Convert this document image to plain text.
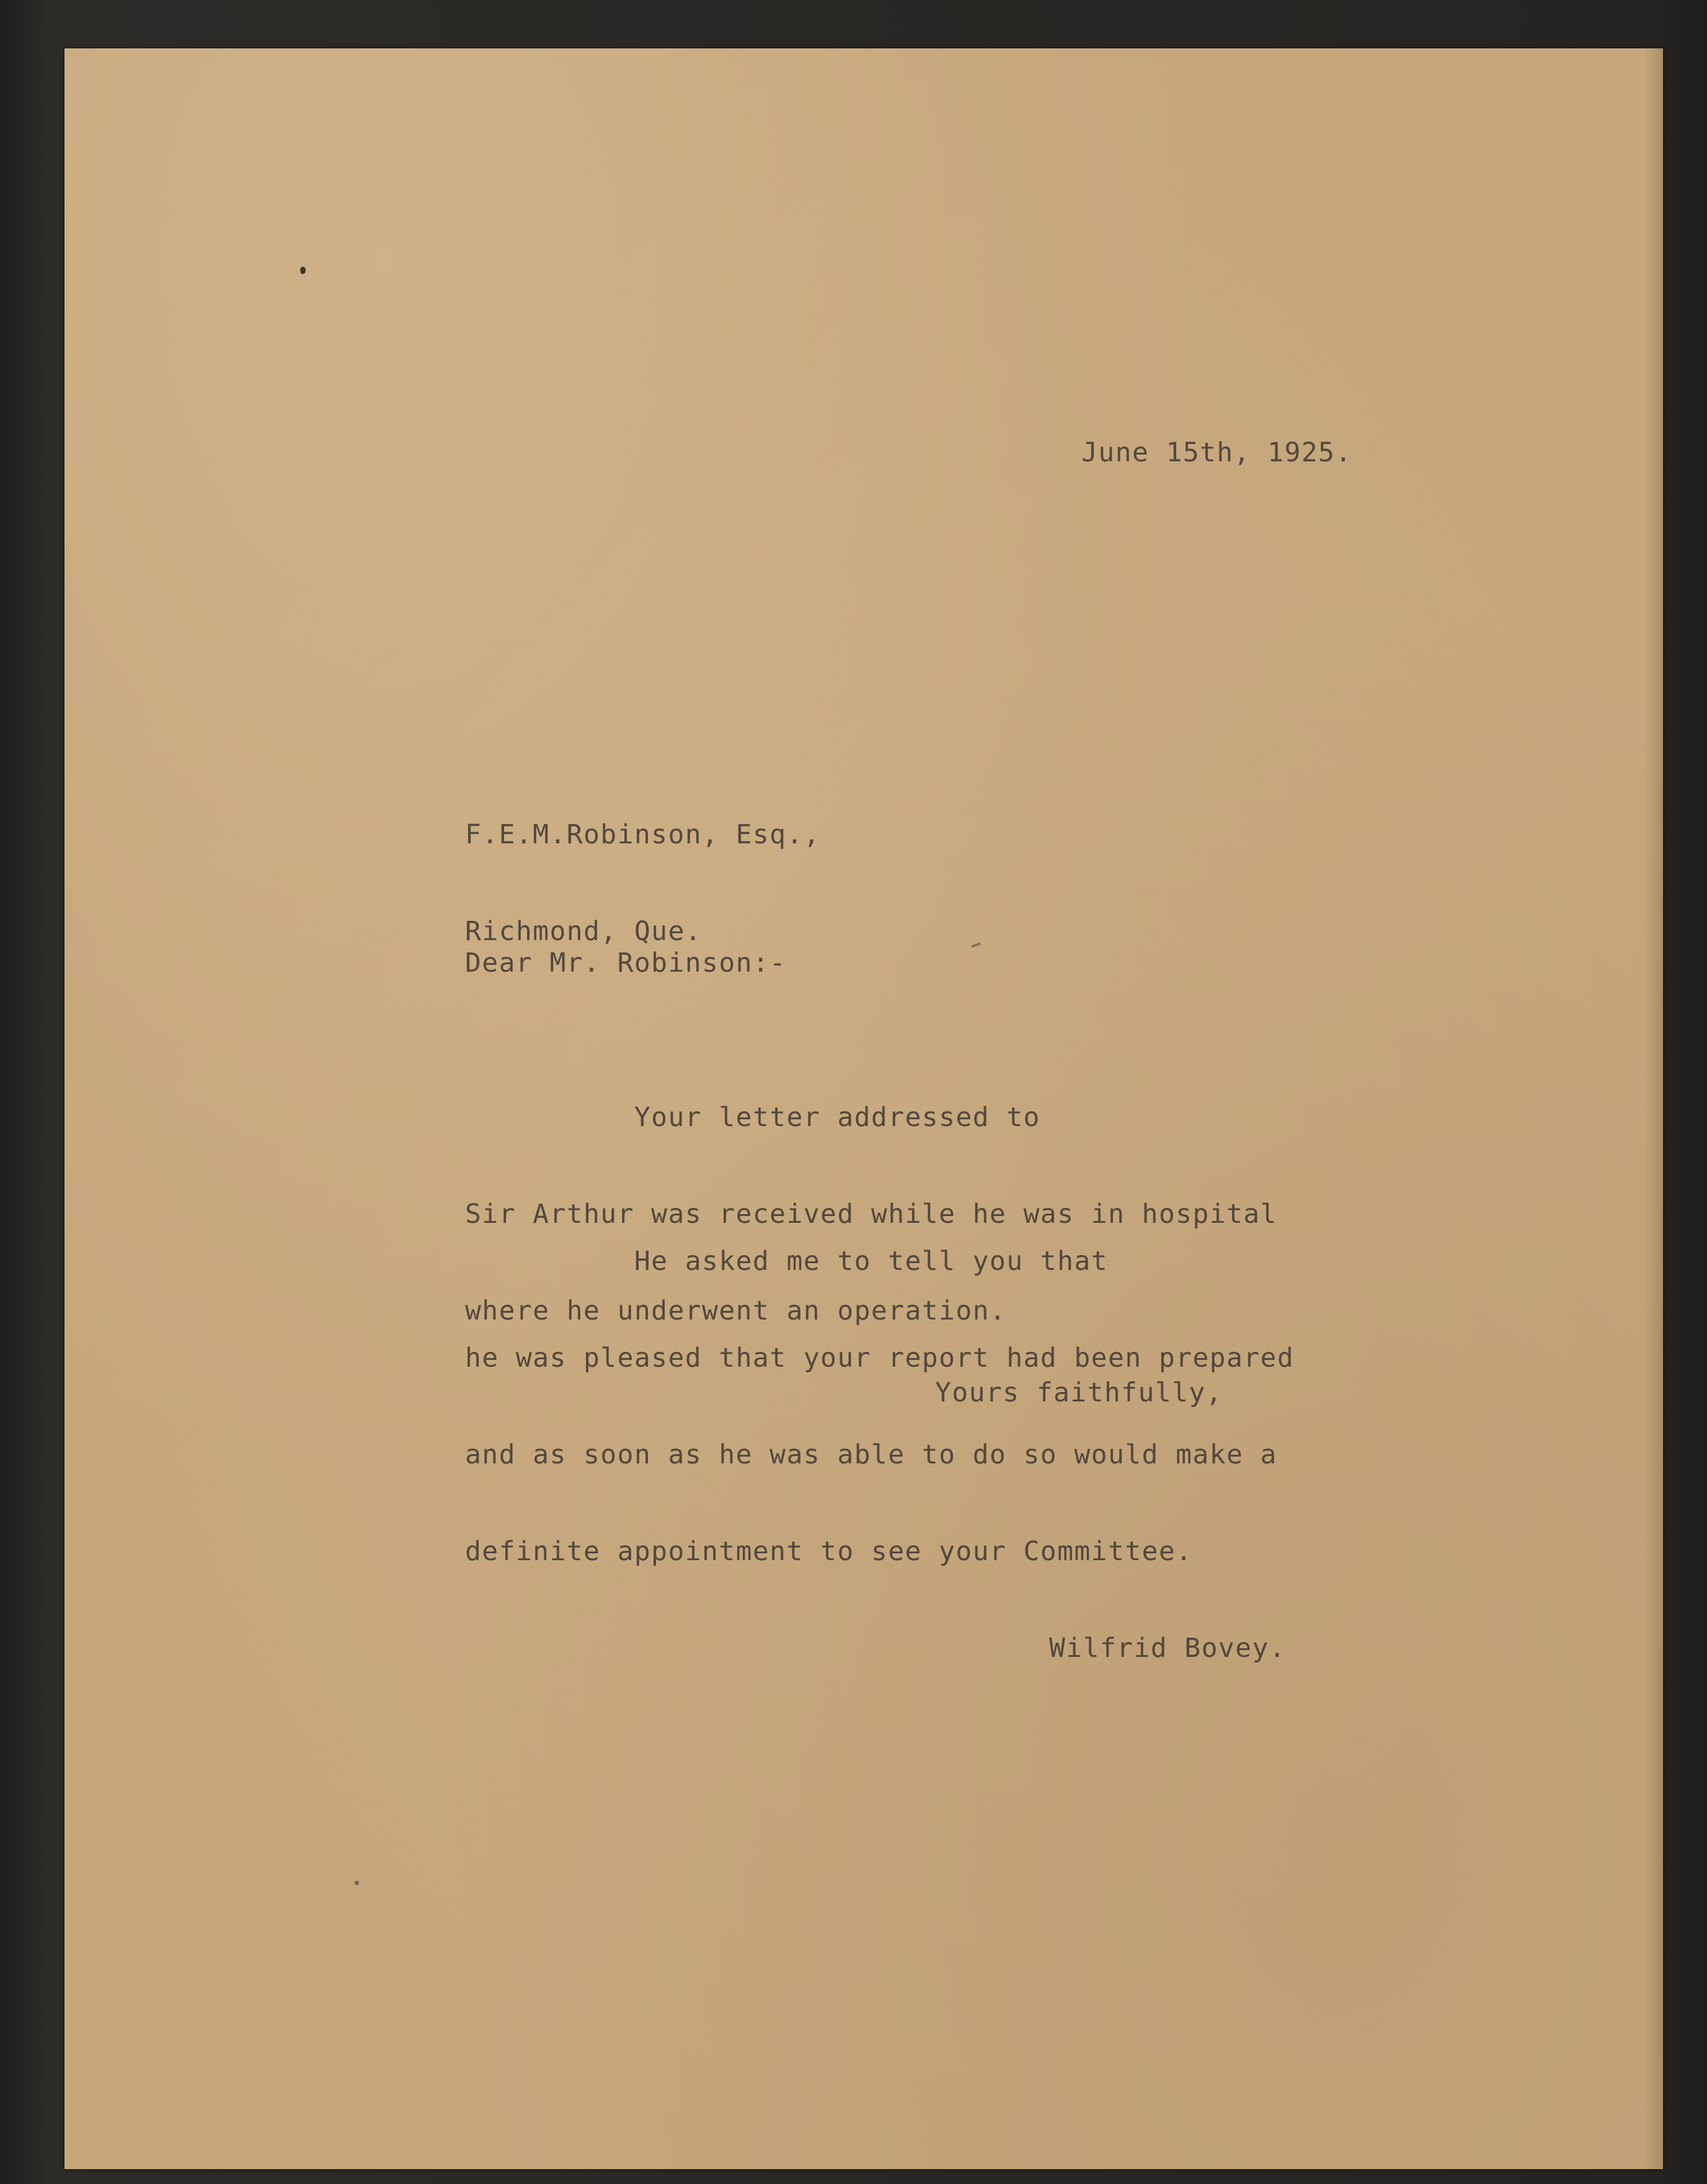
June 15th, 1925.

F.E.M.Robinson, Esq.,

Richmond, Que.

Dear Mr. Robinson:-

Your letter addressed to

Sir Arthur was received while he was in hospital

where he underwent an operation.

He asked me to tell you that

he was pleased that your report had been prepared

and as soon as he was able to do so would make a

definite appointment to see your Committee.

Yours faithfully,

Wilfrid Bovey.
